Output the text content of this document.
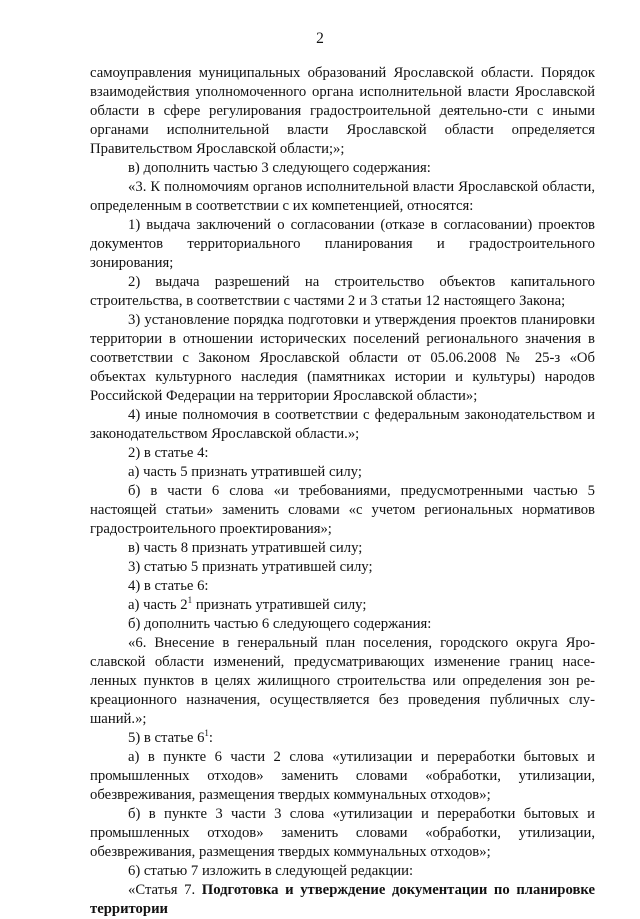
2

самоуправления муниципальных образований Ярославской области. Порядок взаимодействия уполномоченного органа исполнительной власти Ярославской области в сфере регулирования градостроительной деятельно-сти с иными органами исполнительной власти Ярославской области определяется Правительством Ярославской области;»;

в) дополнить частью 3 следующего содержания:

«3. К полномочиям органов исполнительной власти Ярославской области, определенным в соответствии с их компетенцией, относятся:

1) выдача заключений о согласовании (отказе в согласовании) проектов документов территориального планирования и градостроительного зонирования;

2) выдача разрешений на строительство объектов капитального строительства, в соответствии с частями 2 и 3 статьи 12 настоящего Закона;

3) установление порядка подготовки и утверждения проектов планировки территории в отношении исторических поселений регионального значения в соответствии с Законом Ярославской области от 05.06.2008 № 25-з «Об объектах культурного наследия (памятниках истории и культуры) народов Российской Федерации на территории Ярославской области»;

4) иные полномочия в соответствии с федеральным законодательством и законодательством Ярославской области.»;

2) в статье 4:

а) часть 5 признать утратившей силу;

б) в части 6 слова «и требованиями, предусмотренными частью 5 настоящей статьи» заменить словами «с учетом региональных нормативов градостроительного проектирования»;

в) часть 8 признать утратившей силу;

3) статью 5 признать утратившей силу;

4) в статье 6:

а) часть $2^1$ признать утратившей силу;

б) дополнить частью 6 следующего содержания:

«6. Внесение в генеральный план поселения, городского округа Яро-славской области изменений, предусматривающих изменение границ насе-ленных пунктов в целях жилищного строительства или определения зон ре-креационного назначения, осуществляется без проведения публичных слу-шаний.»;

5) в статье $6^1$:

а) в пункте 6 части 2 слова «утилизации и переработки бытовых и промышленных отходов» заменить словами «обработки, утилизации, обезвреживания, размещения твердых коммунальных отходов»;

б) в пункте 3 части 3 слова «утилизации и переработки бытовых и промышленных отходов» заменить словами «обработки, утилизации, обезвреживания, размещения твердых коммунальных отходов»;

6) статью 7 изложить в следующей редакции:

«Статья 7. Подготовка и утверждение документации по планировке территории
